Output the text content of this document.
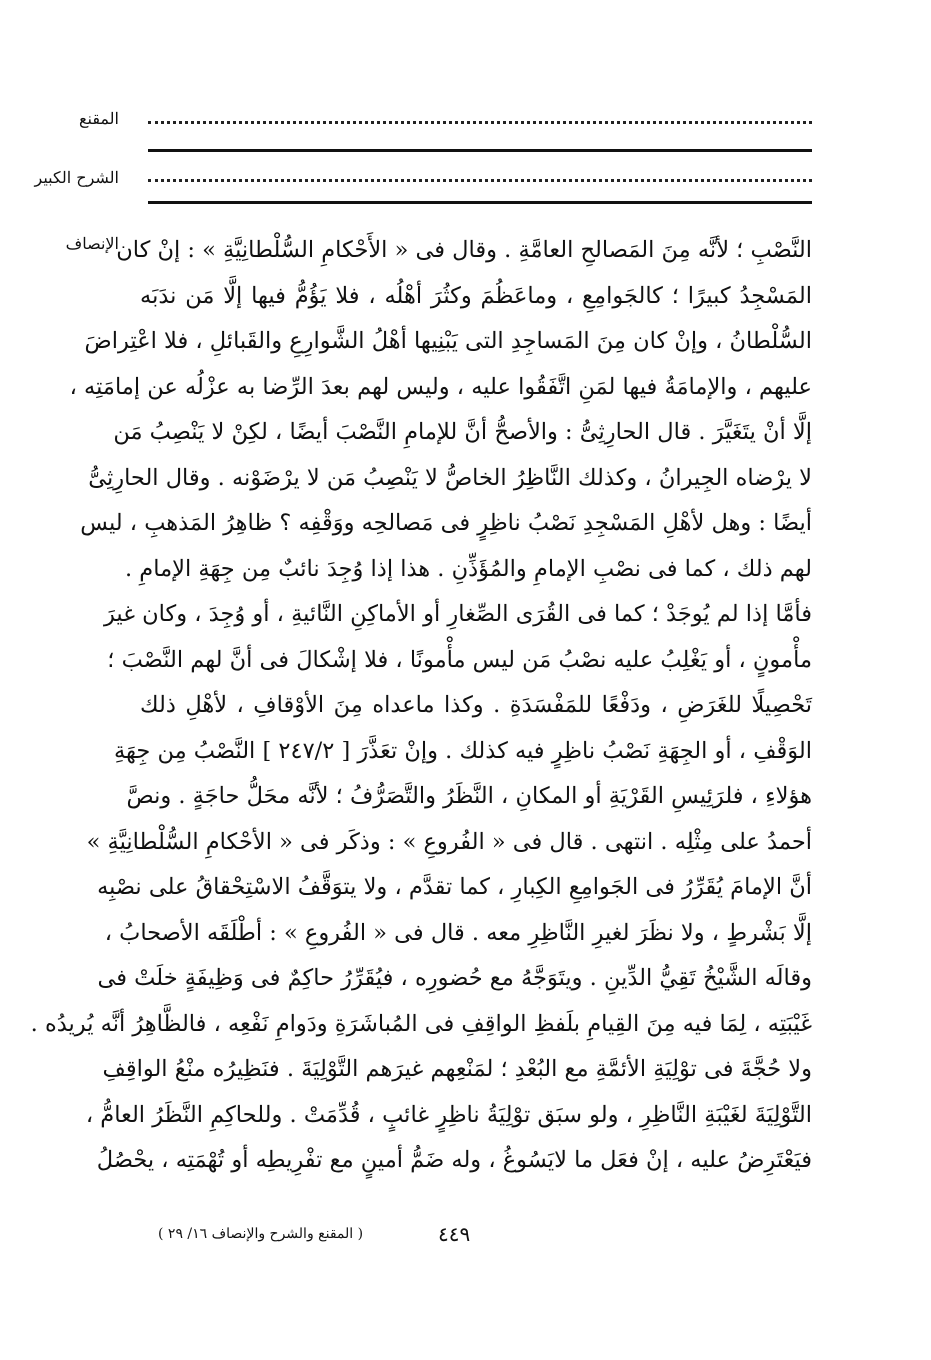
المقنع
الشرح الكبير
الإنصاف
النَّصْبِ ؛ لأنَّه مِنَ المَصالحِ العامَّةِ . وقال فى « الأَحْكامِ السُّلْطانِيَّةِ » : إنْ كان
المَسْجِدُ كبيرًا ؛ كالجَوامِعِ ، وماعَظُمَ وكثُرَ أهْلُه ، فلا يَؤُمُّ فيها إلَّا مَن ندَبَه
السُّلْطانُ ، وإنْ كان مِنَ المَساجِدِ التى يَبْنِيها أهْلُ الشَّوارِعِ والقَبائلِ ، فلا اعْتِراضَ
عليهم ، والإمامَةُ فيها لمَنِ اتَّفَقُوا عليه ، وليس لهم بعدَ الرِّضا به عزْلُه عن إمامَتِه ،
إلَّا أنْ يتَغَيَّرَ . قال الحارِثِىُّ : والأصحُّ أنَّ للإمامِ النَّصْبَ أيضًا ، لكِنْ لا يَنْصِبُ مَن
لا يرْضاه الجِيرانُ ، وكذلك النَّاظِرُ الخاصُّ لا يَنْصِبُ مَن لا يرْضَوْنه . وقال الحارِثِىُّ
أيضًا : وهل لأهْلِ المَسْجِدِ نَصْبُ ناظِرٍ فى مَصالحِه ووَقْفِه ؟ ظاهِرُ المَذهبِ ، ليس
لهم ذلك ، كما فى نصْبِ الإمامِ والمُؤَذِّنِ . هذا إذا وُجِدَ نائبٌ مِن جِهَةِ الإمامِ .
فأمَّا إذا لم يُوجَدْ ؛ كما فى القُرَى الصِّغارِ أو الأماكِنِ النَّائيةِ ، أو وُجِدَ ، وكان غيرَ
مأْمونٍ ، أو يَغْلِبُ عليه نصْبُ مَن ليس مأْمونًا ، فلا إشْكالَ فى أنَّ لهم النَّصْبَ ؛
تَحْصِيلًا للغَرَضِ ، ودَفْعًا للمَفْسَدَةِ . وكذا ماعداه مِنَ الأوْقافِ ، لأهْلِ ذلك
الوَقْفِ ، أو الجِهَةِ نَصْبُ ناظِرٍ فيه كذلك . وإنْ تعَذَّرَ [ ٢٤٧/٢ ] النَّصْبُ مِن جِهَةِ
هؤلاءِ ، فلرَئِيسِ القَرْيَةِ أو المكانِ ، النَّظَرُ والتَّصَرُّفُ ؛ لأنَّه محَلُّ حاجَةٍ . ونصَّ
أحمدُ على مِثْلِه . انتهى . قال فى « الفُروعِ » : وذكَر فى « الأحْكامِ السُّلْطانِيَّةِ »
أنَّ الإمامَ يُقَرِّرُ فى الجَوامِعِ الكِبارِ ، كما تقدَّم ، ولا يتوَقَّفُ الاسْتِحْقاقُ على نصْبِه
إلَّا بَشْرطٍ ، ولا نظَرَ لغيرِ النَّاظِرِ معه . قال فى « الفُروعِ » : أطْلَقَه الأصحابُ ،
وقالَه الشَّيْخُ تَقِيُّ الدِّينِ . ويتَوَجَّهُ مع حُضورِه ، فيُقَرِّرُ حاكِمٌ فى وَظِيفَةٍ خلَتْ فى
غَيْبَتِه ، لِمَا فيه مِنَ القِيامِ بلَفظِ الواقِفِ فى المُباشَرَةِ ودَوامِ نَفْعِه ، فالظَّاهِرُ أنَّه يُريدُه .
ولا حُجَّةَ فى توْلِيَةِ الأئمَّةِ مع البُعْدِ ؛ لمَنْعِهم غيرَهم التَّوْلِيَةَ . فنَظِيرُه منْعُ الواقِفِ
التَّوْلِيَةَ لغَيْبَةِ النَّاظِرِ ، ولو سبَق توْلِيَةُ ناظِرٍ غائبٍ ، قُدِّمَتْ . وللحاكِمِ النَّظَرُ العامُّ ،
فيَعْتَرِضُ عليه ، إنْ فعَل ما لايَسُوغُ ، وله ضَمُّ أمينٍ مع تفْرِيطِه أو تُهْمَتِه ، يحْصُلُ
٤٤٩
( المقنع والشرح والإنصاف ١٦/ ٢٩ )
